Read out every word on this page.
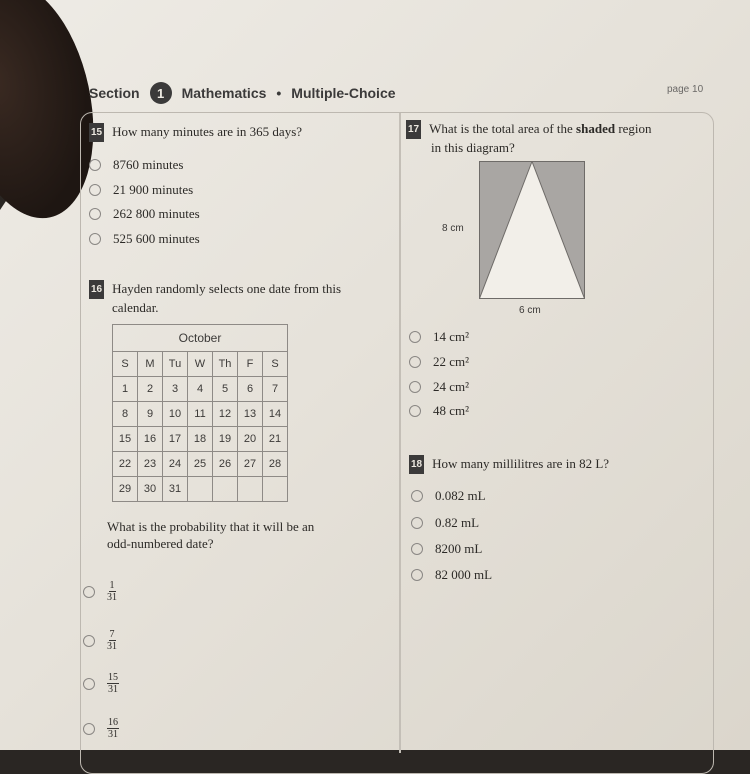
Section	1	Mathematics • Multiple-Choice	page 10
15 How many minutes are in 365 days?
8760 minutes
21 900 minutes
262 800 minutes
525 600 minutes
16 Hayden randomly selects one date from this
calendar.
October						
S	M	Tu	W	Th	F	S
1	2	3	4	5	6	7
8	9	10	11	12	13	14
15	16	17	18	19	20	21
22	23	24	25	26	27	28
29	30	31				
What is the probability that it will be an
odd-numbered date?
$\frac{1}{31}$
$\frac{7}{31}$
$\frac{15}{31}$
$\frac{16}{31}$
17 What is the total area of the shaded region
in this diagram?
8 cm
6 cm
14 cm²
22 cm²
24 cm²
48 cm²
18 How many millilitres are in 82 L?
0.082 mL
0.82 mL
8200 mL
82 000 mL
